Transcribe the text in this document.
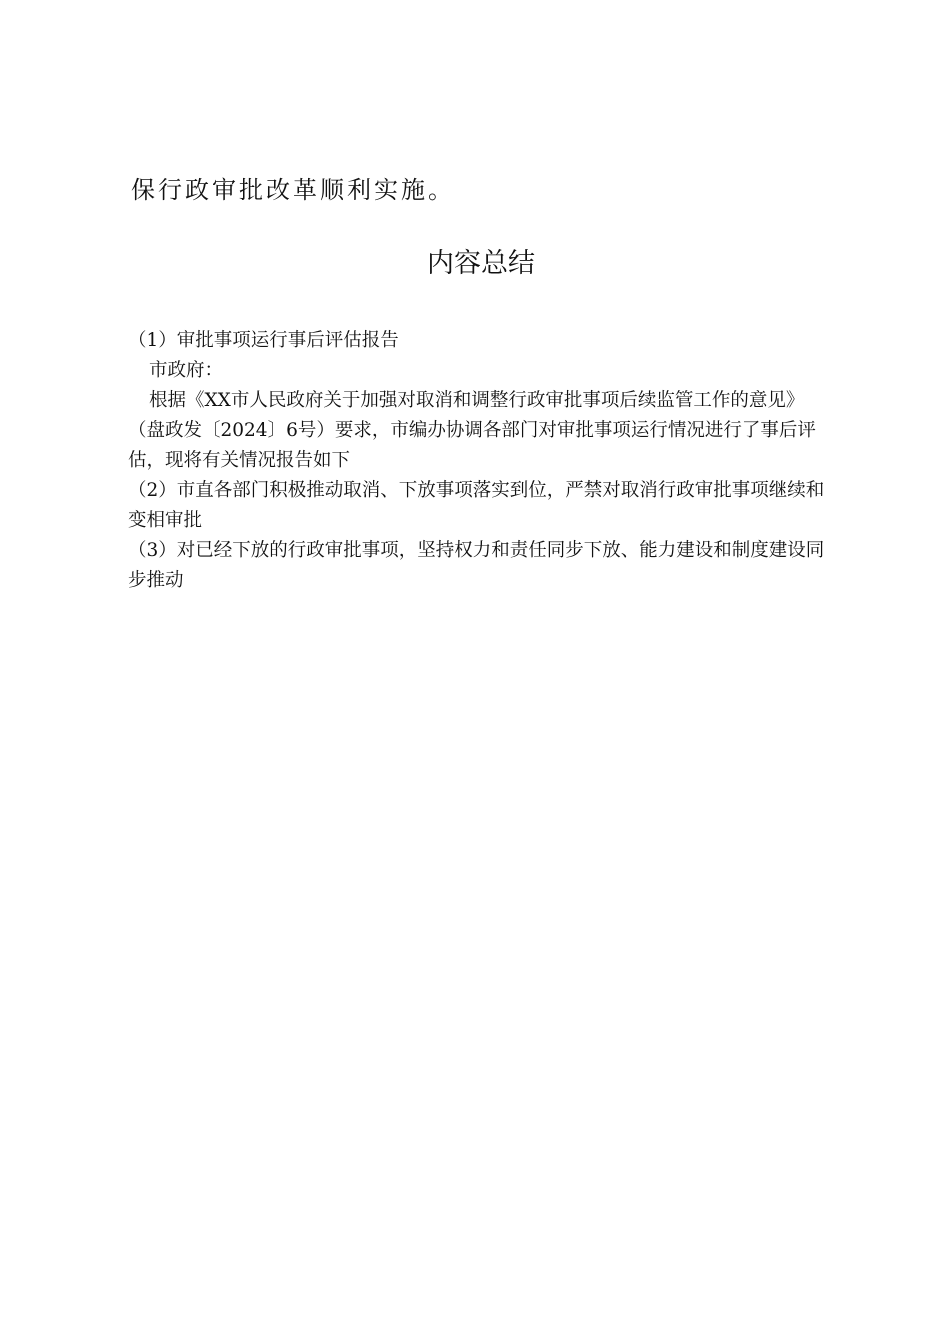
保行政审批改革顺利实施。
内容总结

（1）审批事项运行事后评估报告

市政府：

根据《XX市人民政府关于加强对取消和调整行政审批事项后续监管工作的意见》（盘政发〔2024〕6号）要求，市编办协调各部门对审批事项运行情况进行了事后评估，现将有关情况报告如下

（2）市直各部门积极推动取消、下放事项落实到位，严禁对取消行政审批事项继续和变相审批

（3）对已经下放的行政审批事项，坚持权力和责任同步下放、能力建设和制度建设同步推动
